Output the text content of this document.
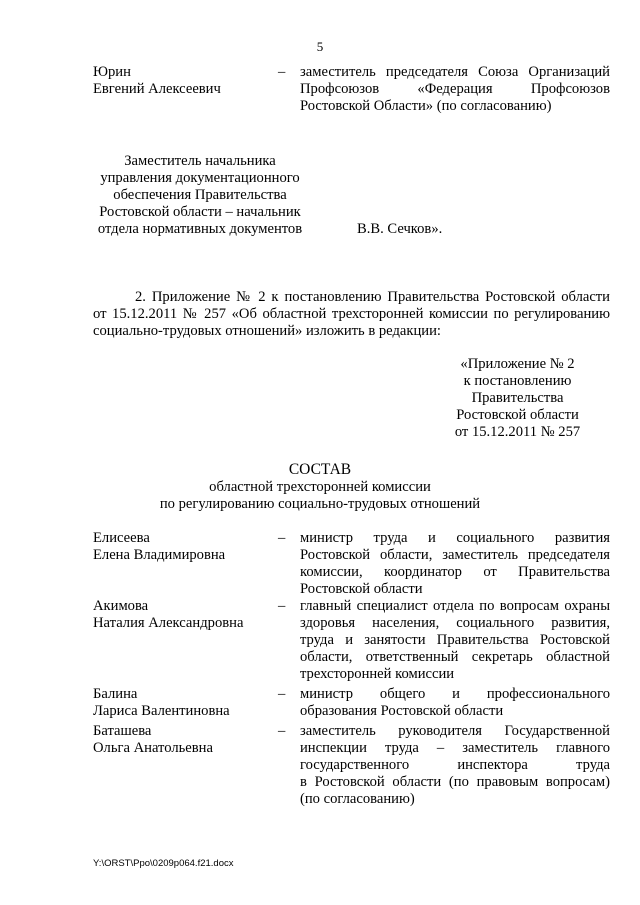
5
Юрин
Евгений Алексеевич
–	заместитель председателя Союза Организаций
Профсоюзов «Федерация Профсоюзов
Ростовской Области» (по согласованию)
Заместитель начальника
управления документационного
обеспечения Правительства
Ростовской области – начальник
отдела нормативных документов	В.В. Сечков».
2. Приложение № 2 к постановлению Правительства Ростовской области
от 15.12.2011 № 257 «Об областной трехсторонней комиссии по регулированию социально-трудовых отношений» изложить в редакции:
«Приложение № 2
к постановлению
Правительства
Ростовской области
от 15.12.2011 № 257
СОСТАВ
областной трехсторонней комиссии
по регулированию социально-трудовых отношений
Елисеева
Елена Владимировна
–	министр труда и социального развития
Ростовской области, заместитель председателя
комиссии, координатор от Правительства
Ростовской области
Акимова
Наталия Александровна
–	главный специалист отдела по вопросам охраны
здоровья населения, социального развития,
труда и занятости Правительства Ростовской
области, ответственный секретарь областной
трехсторонней комиссии
Балина
Лариса Валентиновна
–	министр общего и профессионального
образования Ростовской области
Баташева
Ольга Анатольевна
–	заместитель руководителя Государственной
инспекции труда – заместитель главного
государственного инспектора труда
в Ростовской области (по правовым вопросам)
(по согласованию)
Y:\ORST\Ppo\0209p064.f21.docx
